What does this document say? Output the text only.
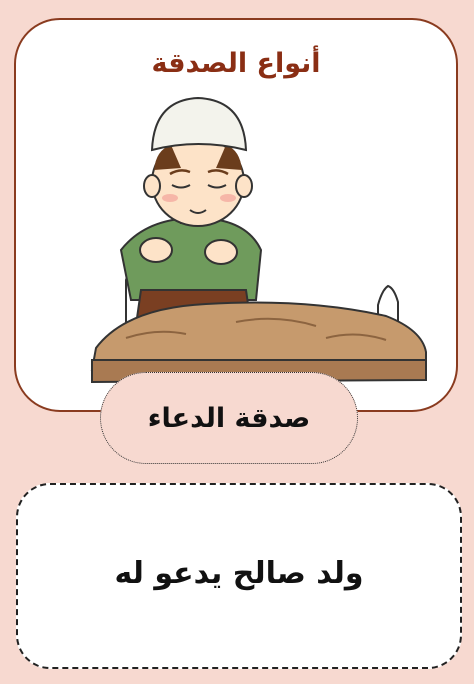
أنواع الصدقة
صدقة الدعاء
ولد صالح يدعو له
